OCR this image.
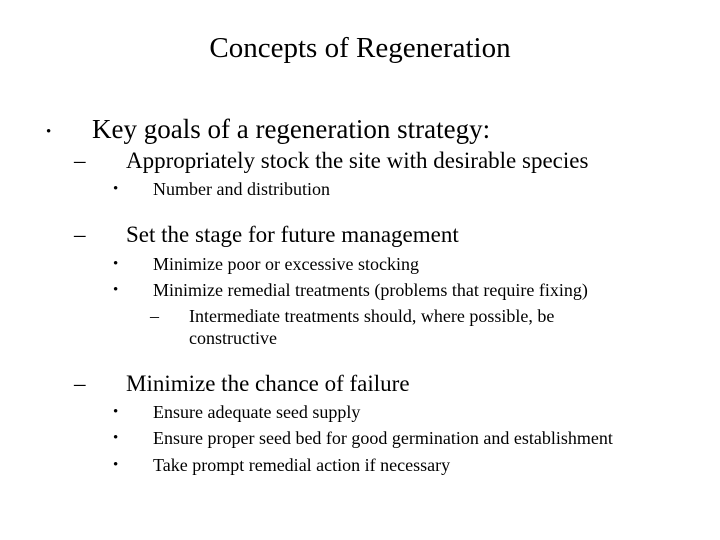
Concepts of Regeneration
• Key goals of a regeneration strategy:
– Appropriately stock the site with desirable species
• Number and distribution
– Set the stage for future management
• Minimize poor or excessive stocking
• Minimize remedial treatments (problems that require fixing)
– Intermediate treatments should, where possible, be
constructive
– Minimize the chance of failure
• Ensure adequate seed supply
• Ensure proper seed bed for good germination and establishment
• Take prompt remedial action if necessary
